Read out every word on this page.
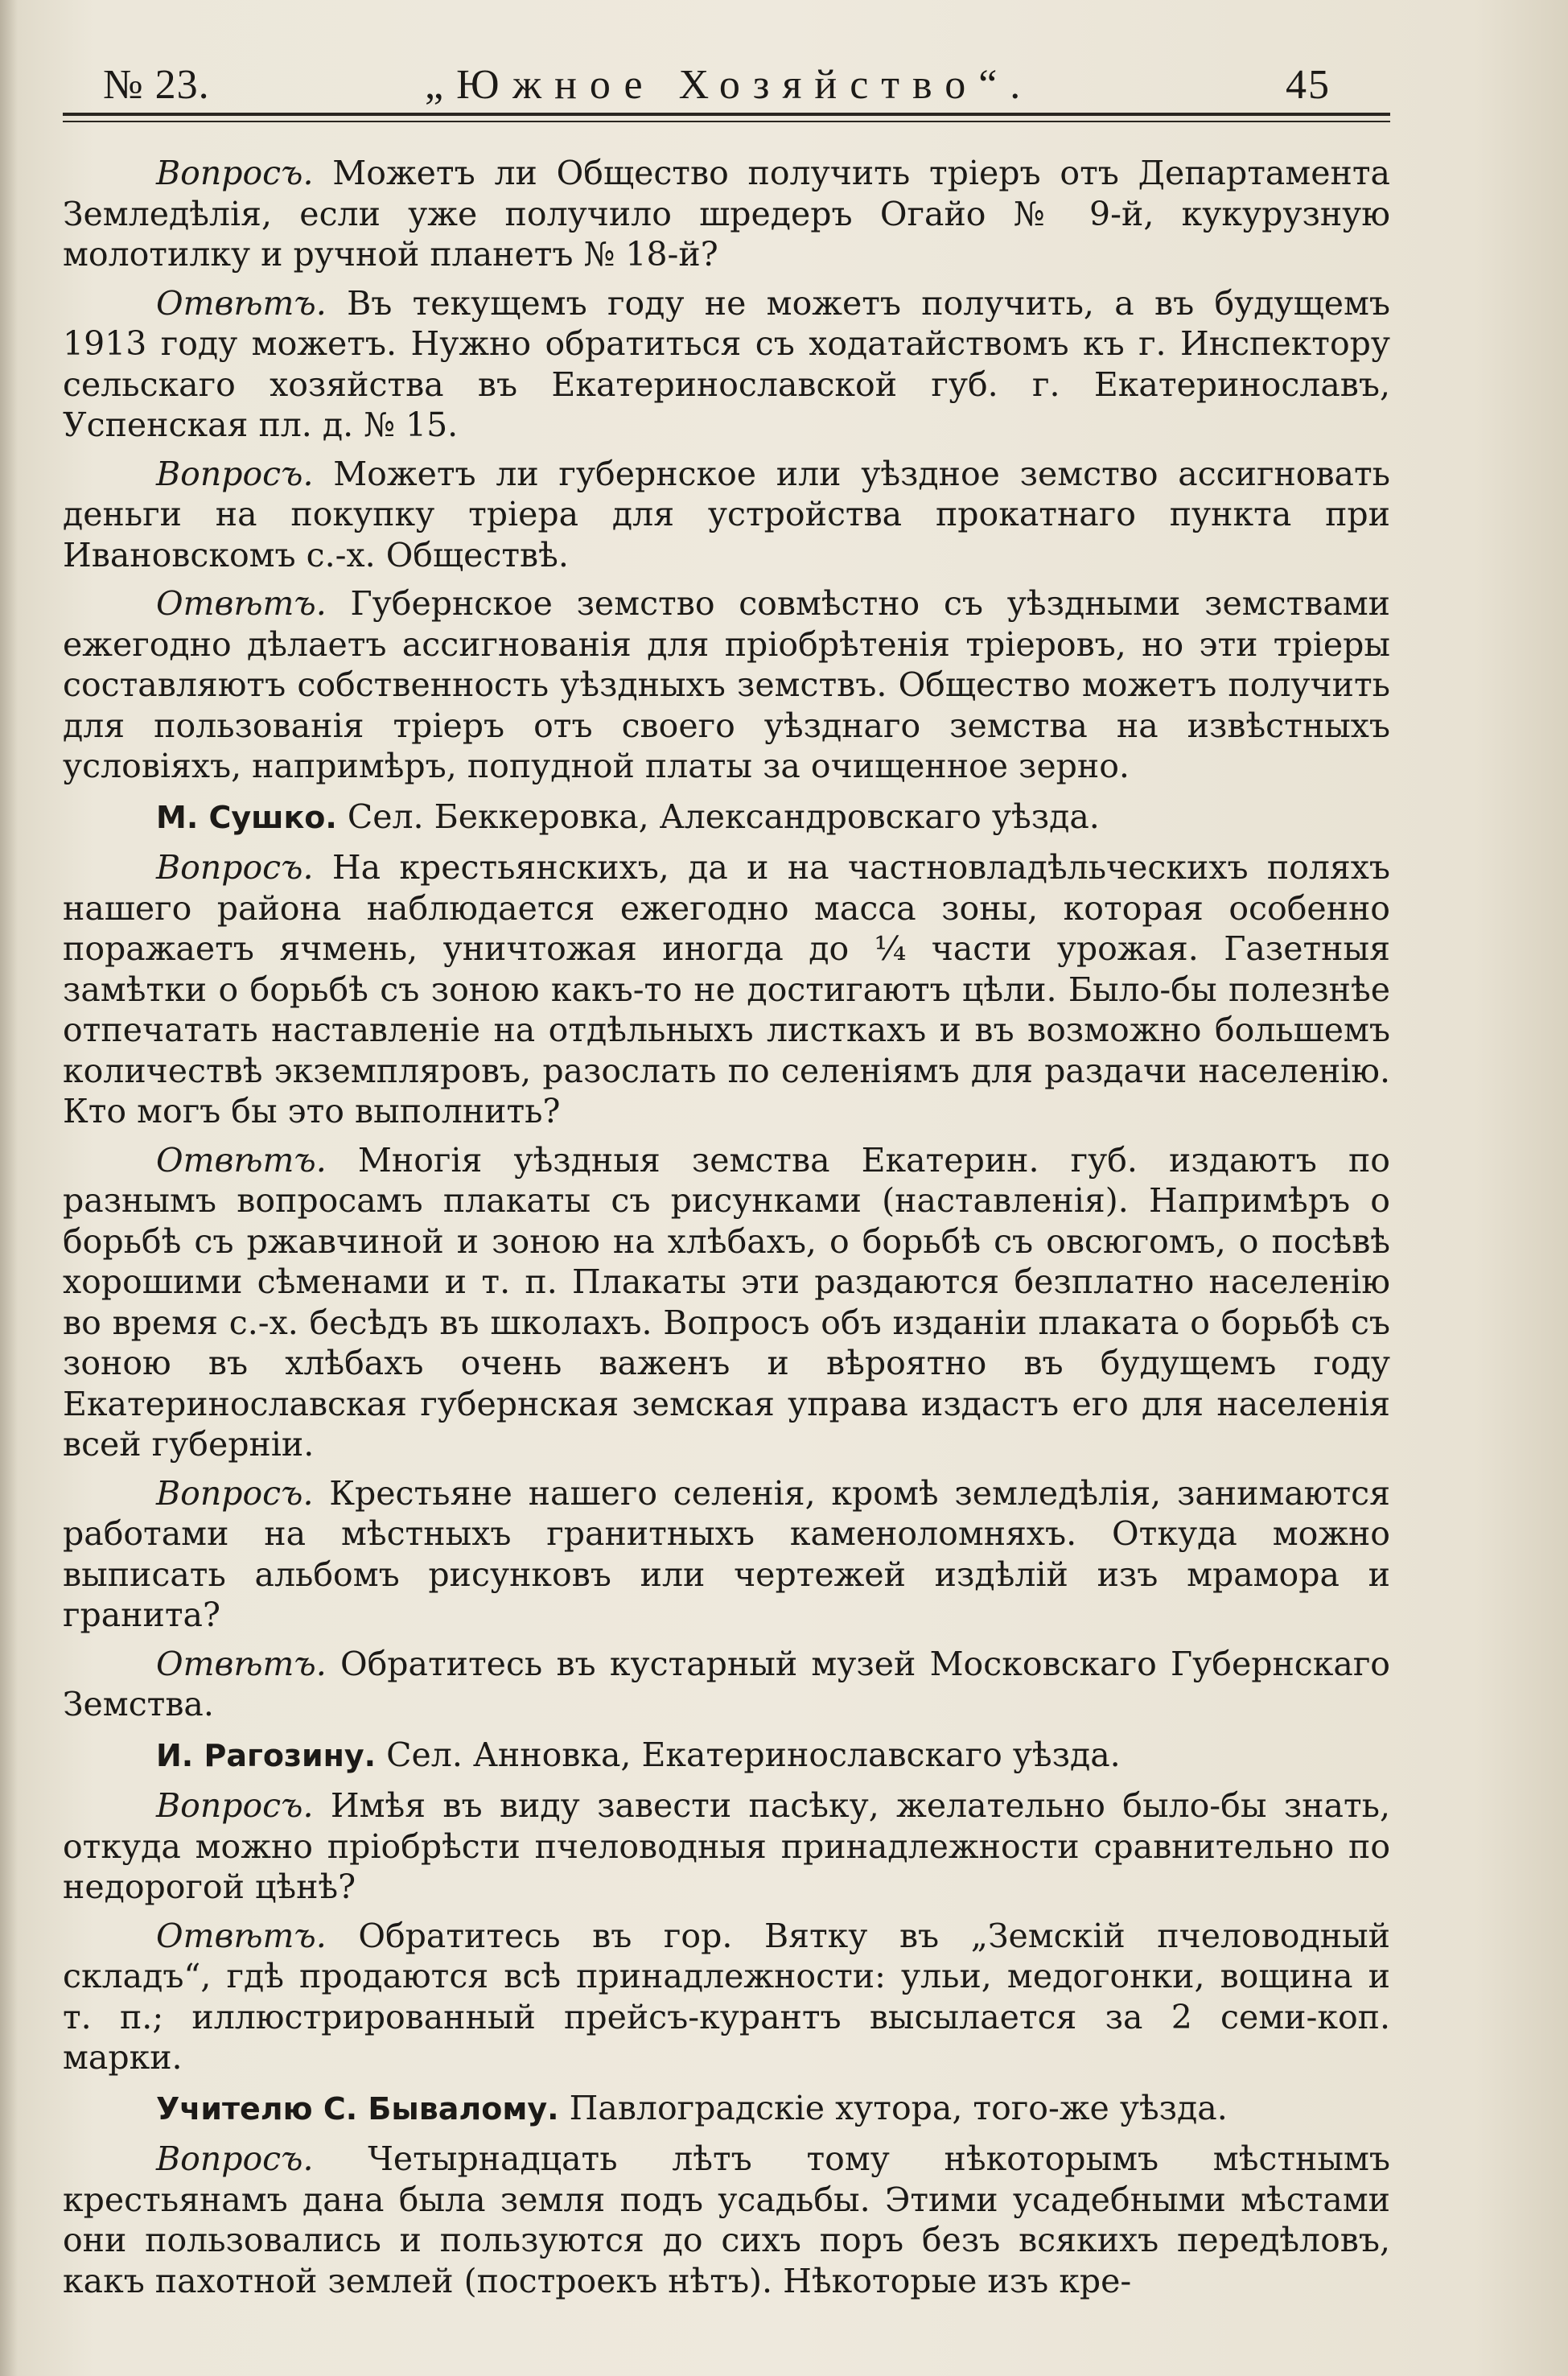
№ 23.	„Южное Хозяйство“.	45

Вопросъ. Можетъ ли Общество получить тріеръ отъ Департамента Земледѣлія, если уже получило шредеръ Огайо № 9-й, кукурузную молотилку и ручной планетъ № 18-й?

Отвѣтъ. Въ текущемъ году не можетъ получить, а въ будущемъ 1913 году можетъ. Нужно обратиться съ ходатайствомъ къ г. Инспектору сельскаго хозяйства въ Екатеринославской губ. г. Екатеринославъ, Успенская пл. д. № 15.

Вопросъ. Можетъ ли губернское или уѣздное земство ассигновать деньги на покупку тріера для устройства прокатнаго пункта при Ивановскомъ с.-х. Обществѣ.

Отвѣтъ. Губернское земство совмѣстно съ уѣздными земствами ежегодно дѣлаетъ ассигнованія для пріобрѣтенія тріеровъ, но эти тріеры составляютъ собственность уѣздныхъ земствъ. Общество можетъ получить для пользованія тріеръ отъ своего уѣзднаго земства на извѣстныхъ условіяхъ, напримѣръ, попудной платы за очищенное зерно.

М. Сушко. Сел. Беккеровка, Александровскаго уѣзда.

Вопросъ. На крестьянскихъ, да и на частновладѣльческихъ поляхъ нашего района наблюдается ежегодно масса зоны, которая особенно поражаетъ ячмень, уничтожая иногда до ¼ части урожая. Газетныя замѣтки о борьбѣ съ зоною какъ-то не достигаютъ цѣли. Было-бы полезнѣе отпечатать наставленіе на отдѣльныхъ листкахъ и въ возможно большемъ количествѣ экземпляровъ, разослать по селеніямъ для раздачи населенію. Кто могъ бы это выполнить?

Отвѣтъ. Многія уѣздныя земства Екатерин. губ. издаютъ по разнымъ вопросамъ плакаты съ рисунками (наставленія). Напримѣръ о борьбѣ съ ржавчиной и зоною на хлѣбахъ, о борьбѣ съ овсюгомъ, о посѣвѣ хорошими сѣменами и т. п. Плакаты эти раздаются безплатно населенію во время с.-х. бесѣдъ въ школахъ. Вопросъ объ изданіи плаката о борьбѣ съ зоною въ хлѣбахъ очень важенъ и вѣроятно въ будущемъ году Екатеринославская губернская земская управа издастъ его для населенія всей губерніи.

Вопросъ. Крестьяне нашего селенія, кромѣ земледѣлія, занимаются работами на мѣстныхъ гранитныхъ каменоломняхъ. Откуда можно выписать альбомъ рисунковъ или чертежей издѣлій изъ мрамора и гранита?

Отвѣтъ. Обратитесь въ кустарный музей Московскаго Губернскаго Земства.

И. Рагозину. Сел. Анновка, Екатеринославскаго уѣзда.

Вопросъ. Имѣя въ виду завести пасѣку, желательно было-бы знать, откуда можно пріобрѣсти пчеловодныя принадлежности сравнительно по недорогой цѣнѣ?

Отвѣтъ. Обратитесь въ гор. Вятку въ „Земскій пчеловодный складъ“, гдѣ продаются всѣ принадлежности: ульи, медогонки, вощина и т. п.; иллюстрированный прейсъ-курантъ высылается за 2 семи-коп. марки.

Учителю С. Бывалому. Павлоградскіе хутора, того-же уѣзда.

Вопросъ. Четырнадцать лѣтъ тому нѣкоторымъ мѣстнымъ крестьянамъ дана была земля подъ усадьбы. Этими усадебными мѣстами они пользовались и пользуются до сихъ поръ безъ всякихъ передѣловъ, какъ пахотной землей (построекъ нѣтъ). Нѣкоторые изъ кре-
